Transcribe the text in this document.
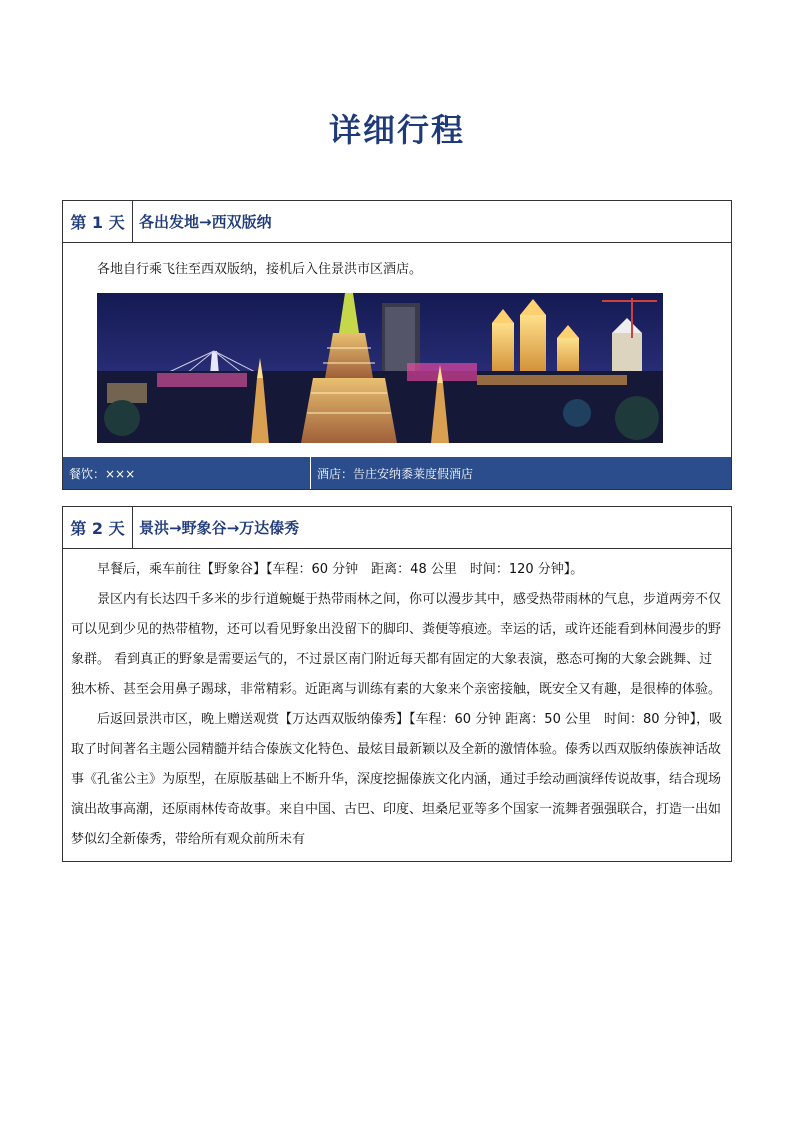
详细行程
第 1 天 各出发地→西双版纳

各地自行乘飞往至西双版纳，接机后入住景洪市区酒店。

餐饮：×××	酒店：告庄安纳黍莱度假酒店
第 2 天 景洪→野象谷→万达傣秀

早餐后，乘车前往【野象谷】【车程：60 分钟　距离：48 公里　时间：120 分钟】。

景区内有长达四千多米的步行道蜿蜒于热带雨林之间，你可以漫步其中，感受热带雨林的气息，步道两旁不仅可以见到少见的热带植物，还可以看见野象出没留下的脚印、粪便等痕迹。幸运的话，或许还能看到林间漫步的野象群。 看到真正的野象是需要运气的，不过景区南门附近每天都有固定的大象表演，憨态可掬的大象会跳舞、过独木桥、甚至会用鼻子踢球，非常精彩。近距离与训练有素的大象来个亲密接触，既安全又有趣，是很棒的体验。

后返回景洪市区，晚上赠送观赏【万达西双版纳傣秀】【车程：60 分钟 距离：50 公里　时间：80 分钟】，吸取了时间著名主题公园精髓并结合傣族文化特色、最炫目最新颖以及全新的激情体验。傣秀以西双版纳傣族神话故事《孔雀公主》为原型，在原版基础上不断升华，深度挖掘傣族文化内涵，通过手绘动画演绎传说故事，结合现场演出故事高潮，还原雨林传奇故事。来自中国、古巴、印度、坦桑尼亚等多个国家一流舞者强强联合，打造一出如梦似幻全新傣秀，带给所有观众前所未有
